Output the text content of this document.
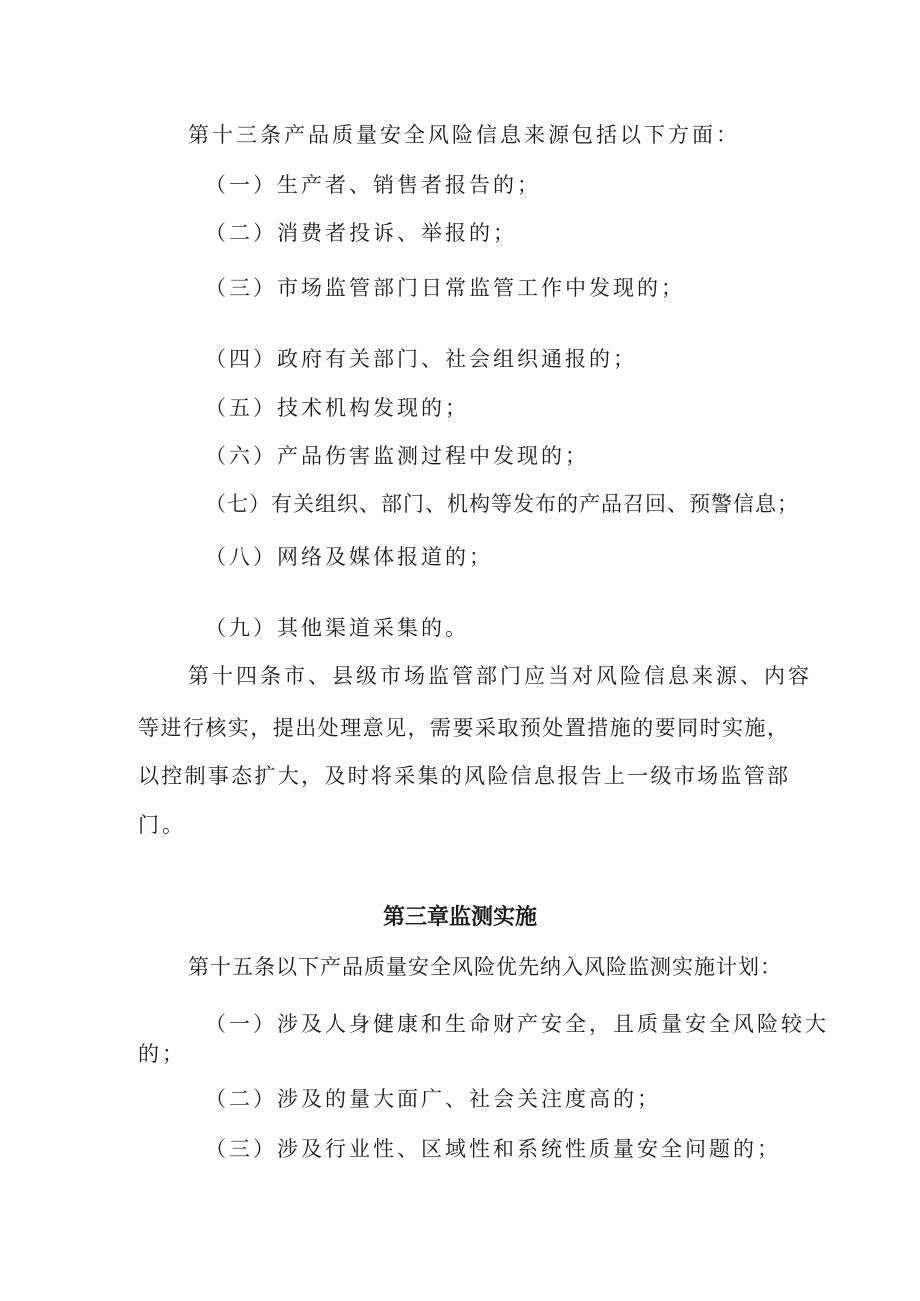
第十三条产品质量安全风险信息来源包括以下方面：
（一）生产者、销售者报告的；
（二）消费者投诉、举报的；
（三）市场监管部门日常监管工作中发现的；
（四）政府有关部门、社会组织通报的；
（五）技术机构发现的；
（六）产品伤害监测过程中发现的；
（七）有关组织、部门、机构等发布的产品召回、预警信息；
（八）网络及媒体报道的；
（九）其他渠道采集的。
第十四条市、县级市场监管部门应当对风险信息来源、内容
等进行核实，提出处理意见，需要采取预处置措施的要同时实施，
以控制事态扩大，及时将采集的风险信息报告上一级市场监管部
门。
第三章监测实施
第十五条以下产品质量安全风险优先纳入风险监测实施计划：
（一）涉及人身健康和生命财产安全，且质量安全风险较大
的；
（二）涉及的量大面广、社会关注度高的；
（三）涉及行业性、区域性和系统性质量安全问题的；
